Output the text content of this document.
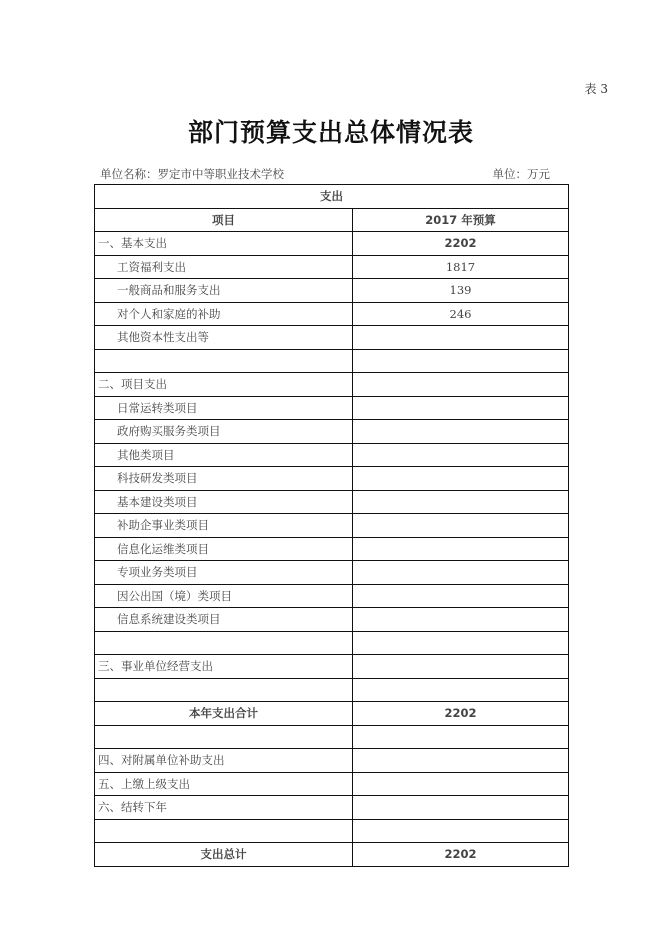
表 3
部门预算支出总体情况表
单位名称：罗定市中等职业技术学校	单位：万元
支出	
项目	2017 年预算
一、基本支出	2202
工资福利支出	1817
一般商品和服务支出	139
对个人和家庭的补助	246
其他资本性支出等	

二、项目支出	
日常运转类项目	
政府购买服务类项目	
其他类项目	
科技研发类项目	
基本建设类项目	
补助企事业类项目	
信息化运维类项目	
专项业务类项目	
因公出国（境）类项目	
信息系统建设类项目	

三、事业单位经营支出	

本年支出合计	2202

四、对附属单位补助支出	
五、上缴上级支出	
六、结转下年	

支出总计	2202
